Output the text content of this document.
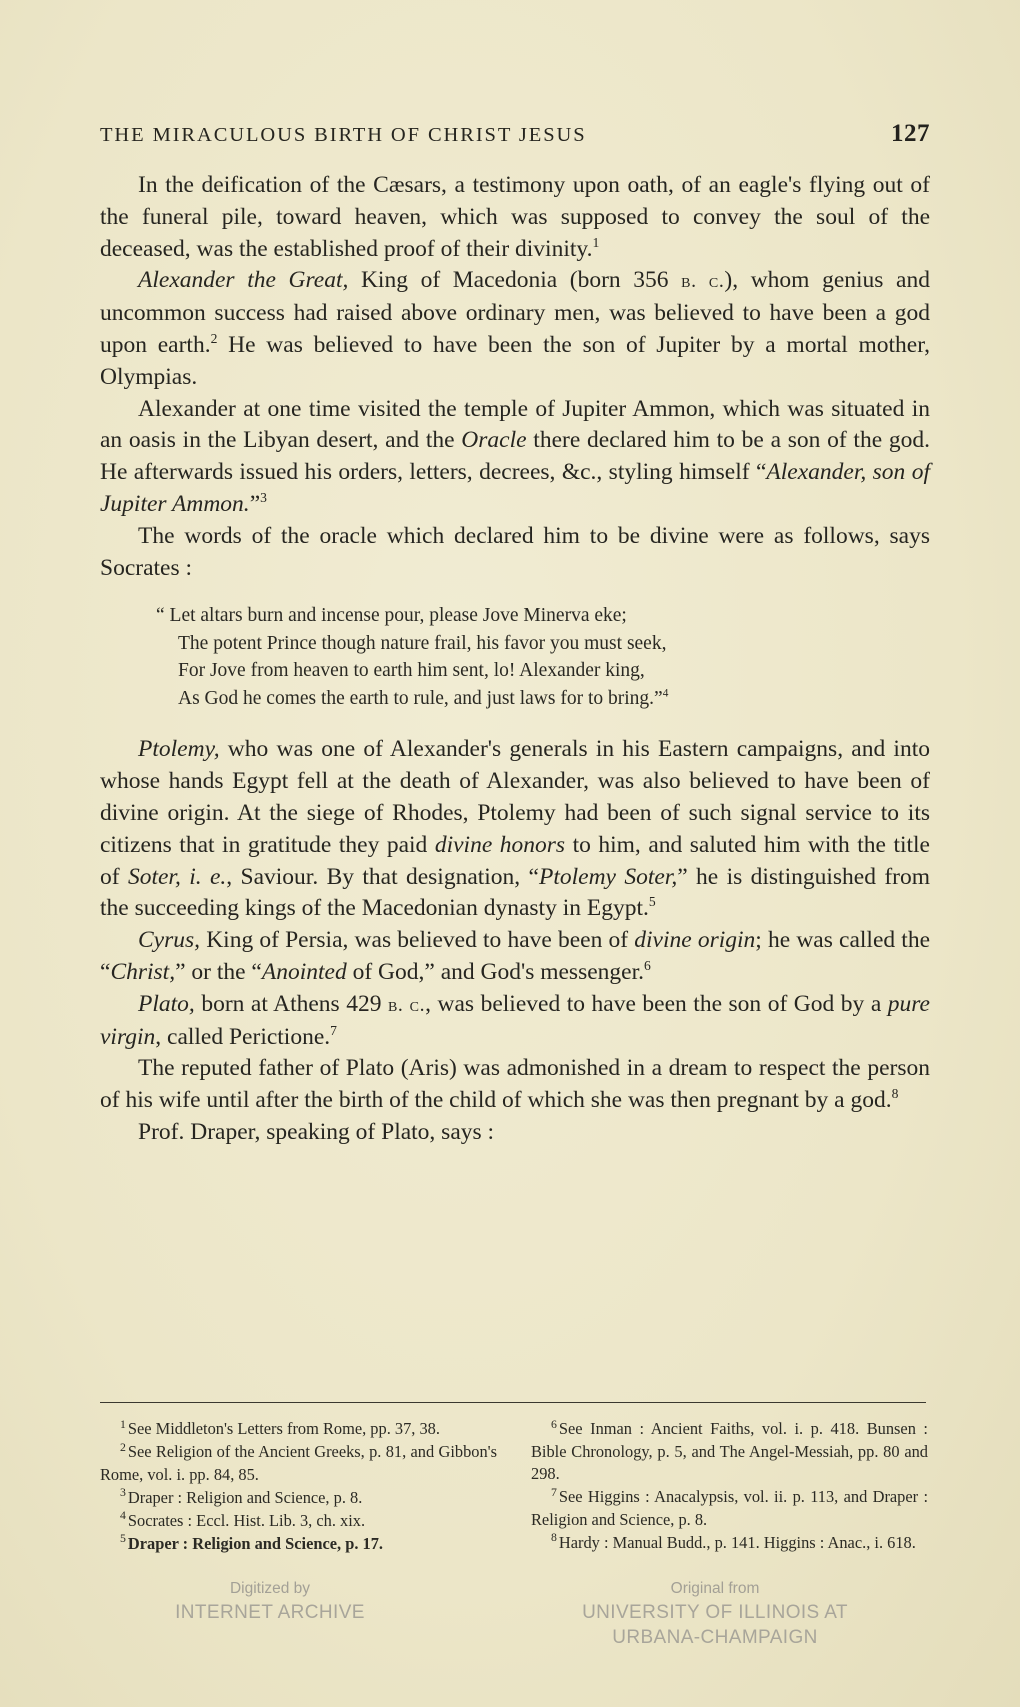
THE MIRACULOUS BIRTH OF CHRIST JESUS	127

In the deification of the Cæsars, a testimony upon oath, of an eagle's flying out of the funeral pile, toward heaven, which was supposed to convey the soul of the deceased, was the established proof of their divinity.$^1$

Alexander the Great, King of Macedonia (born 356 b. c.), whom genius and uncommon success had raised above ordinary men, was believed to have been a god upon earth.$^2$ He was believed to have been the son of Jupiter by a mortal mother, Olympias.

Alexander at one time visited the temple of Jupiter Ammon, which was situated in an oasis in the Libyan desert, and the Oracle there declared him to be a son of the god. He afterwards issued his orders, letters, decrees, &c., styling himself “Alexander, son of Jupiter Ammon.”$^3$

The words of the oracle which declared him to be divine were as follows, says Socrates :

“ Let altars burn and incense pour, please Jove Minerva eke;
The potent Prince though nature frail, his favor you must seek,
For Jove from heaven to earth him sent, lo! Alexander king,
As God he comes the earth to rule, and just laws for to bring.”$^4$

Ptolemy, who was one of Alexander's generals in his Eastern campaigns, and into whose hands Egypt fell at the death of Alexander, was also believed to have been of divine origin. At the siege of Rhodes, Ptolemy had been of such signal service to its citizens that in gratitude they paid divine honors to him, and saluted him with the title of Soter, i. e., Saviour. By that designation, “Ptolemy Soter,” he is distinguished from the succeeding kings of the Macedonian dynasty in Egypt.$^5$

Cyrus, King of Persia, was believed to have been of divine origin; he was called the “Christ,” or the “Anointed of God,” and God's messenger.$^6$

Plato, born at Athens 429 b. c., was believed to have been the son of God by a pure virgin, called Perictione.$^7$

The reputed father of Plato (Aris) was admonished in a dream to respect the person of his wife until after the birth of the child of which she was then pregnant by a god.$^8$

Prof. Draper, speaking of Plato, says :

$^1$ See Middleton's Letters from Rome, pp. 37, 38.

$^2$ See Religion of the Ancient Greeks, p. 81, and Gibbon's Rome, vol. i. pp. 84, 85.

$^3$ Draper : Religion and Science, p. 8.

$^4$ Socrates : Eccl. Hist. Lib. 3, ch. xix.

$^5$ Draper : Religion and Science, p. 17.

$^6$ See Inman : Ancient Faiths, vol. i. p. 418. Bunsen : Bible Chronology, p. 5, and The Angel-Messiah, pp. 80 and 298.

$^7$ See Higgins : Anacalypsis, vol. ii. p. 113, and Draper : Religion and Science, p. 8.

$^8$ Hardy : Manual Budd., p. 141. Higgins : Anac., i. 618.

Digitized by
INTERNET ARCHIVE
Original from
UNIVERSITY OF ILLINOIS AT
URBANA-CHAMPAIGN
